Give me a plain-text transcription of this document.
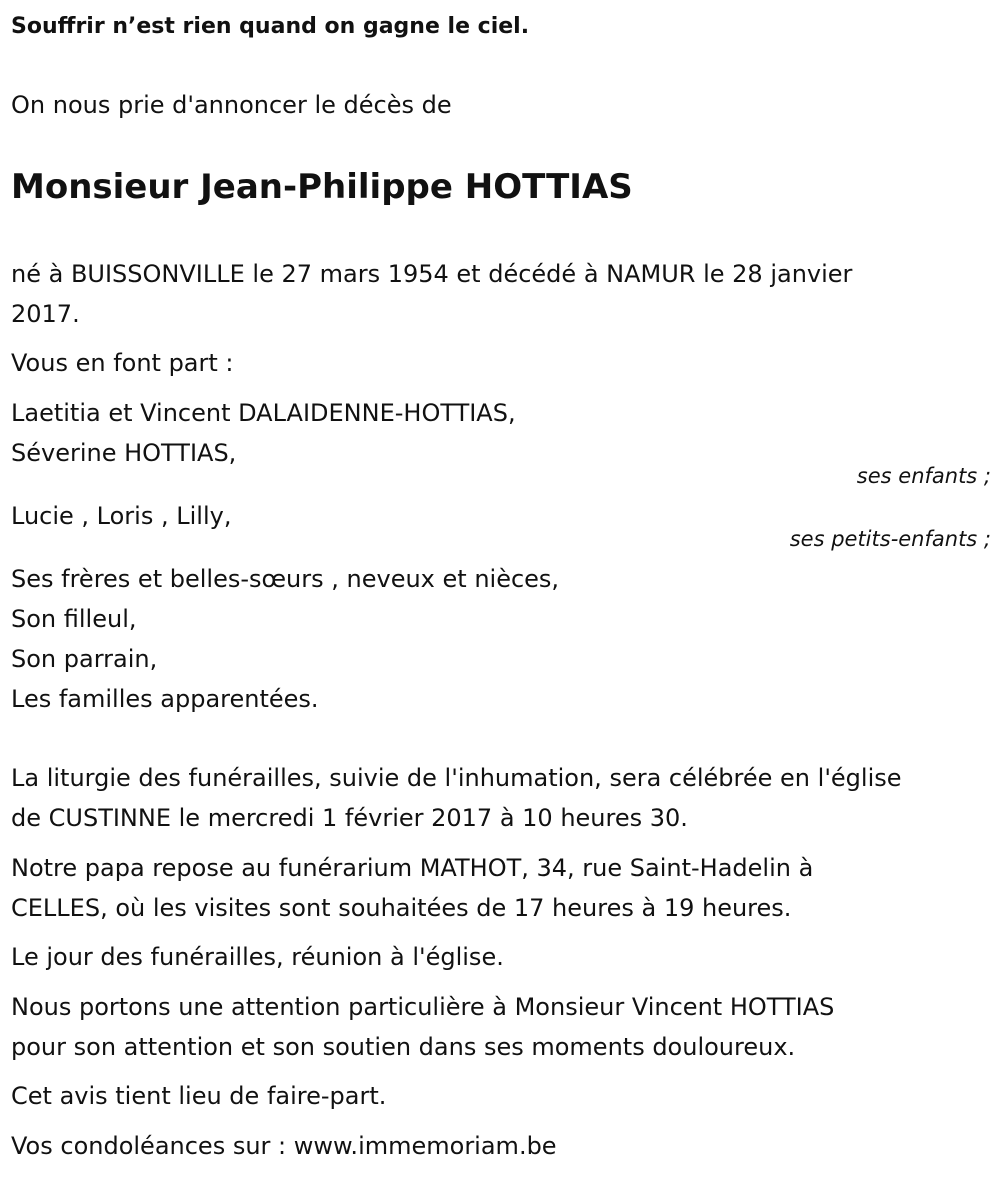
Souffrir n’est rien quand on gagne le ciel.
On nous prie d'annoncer le décès de
Monsieur Jean-Philippe HOTTIAS
né à BUISSONVILLE le 27 mars 1954 et décédé à NAMUR le 28 janvier
2017.
Vous en font part :
Laetitia et Vincent DALAIDENNE-HOTTIAS,
Séverine HOTTIAS,
ses enfants ;
Lucie , Loris , Lilly,
ses petits-enfants ;
Ses frères et belles-sœurs , neveux et nièces,
Son filleul,
Son parrain,
Les familles apparentées.
La liturgie des funérailles, suivie de l'inhumation, sera célébrée en l'église
de CUSTINNE le mercredi 1 février 2017 à 10 heures 30.
Notre papa repose au funérarium MATHOT, 34, rue Saint-Hadelin à
CELLES, où les visites sont souhaitées de 17 heures à 19 heures.
Le jour des funérailles, réunion à l'église.
Nous portons une attention particulière à Monsieur Vincent HOTTIAS
pour son attention et son soutien dans ses moments douloureux.
Cet avis tient lieu de faire-part.
Vos condoléances sur : www.immemoriam.be
